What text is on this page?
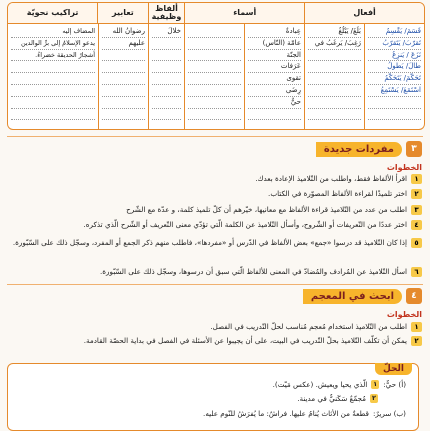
أفعال
أسماء
ألفاظ وظيفية
تعابير
تراكيب نحويّة
قَسَمَ/ يَقْسِمُ
تَقرّبَ/ يَتَقرّبُ
نَزَعَ / يَنزِعُ
طالَ/ يَطولُ
تَحَكَّمَ/ يَتَحَكَّمُ
اسْتَمَعَ/ يَسْتَمِعُ
بَلَغَ/ يَبْلُغُ
رَغِبَ/ يَرغَبُ في
عِبادةٌ
عامّة (النّاس)
الجنّة
عَرَفات
تقوى
رِضَى
حيٌّ
خلالَ
رضوانُ الله
عليهم
المضاف إليه
يدعو الإسلامُ إلى برِّ الوالدين
أشجارُ الحديقة خضراءُ.
٣
مفردات جديدة
الخطوات
١
اقرأ الألفاظ فقط، واطلب من التّلاميذ الإعادة بعدك.
٢
اختر تلميذًا لقراءة الألفاظ المصوّرة في الكتاب.
٣
اطلب من عدد من التّلاميذ قراءة الألفاظ مع معانيها، خيّرهم أن كلّ تلميذ كلمة، و عدّة مع الشّرح
٤
اختر عددًا من التّعريفات أو الشّروح، وأسأل التّلاميذ عن الكلمة الّتي تؤدّي معنى التّعريف أو الشّرح الّذي تذكره.
٥
إذا كان التّلاميذ قد درسوا «جمع» بعض الألفاظ في الدّرس أو «مفردها»، فاطلب منهم ذكر الجمع أو المفرد، وسجّل ذلك على السّبّورة.
٦
اسأل التّلاميذ عن المُرادف والمُضادّ في المعنى للألفاظ الّتي سبق أن درسوها، وسجّل ذلك على السّبّورة.
٤
ابحث في المعجم
الخطوات
١
اطلب من التّلاميذ استخدام مُعجم مُناسب لحلّ التّدريب في الفصل.
٢
يمكن أن تكلّف التّلاميذ بحلّ التّدريب في البيت، على أن يجيبوا عن الأسئلة في الفصل في بداية الحصّة القادمة.
الحلّ
(أ) حيٌّ:
١
الّذي يحيا ويعيش. (عكس مَيّت).
٢
مُجمّعٌ سَكَنيٌّ في مدينة.
(ب) سريرٌ:
قطعةٌ من الأثاث يُنامُ عليها. فراشٌ: ما يُفرَشُ للنّوم عليه.
